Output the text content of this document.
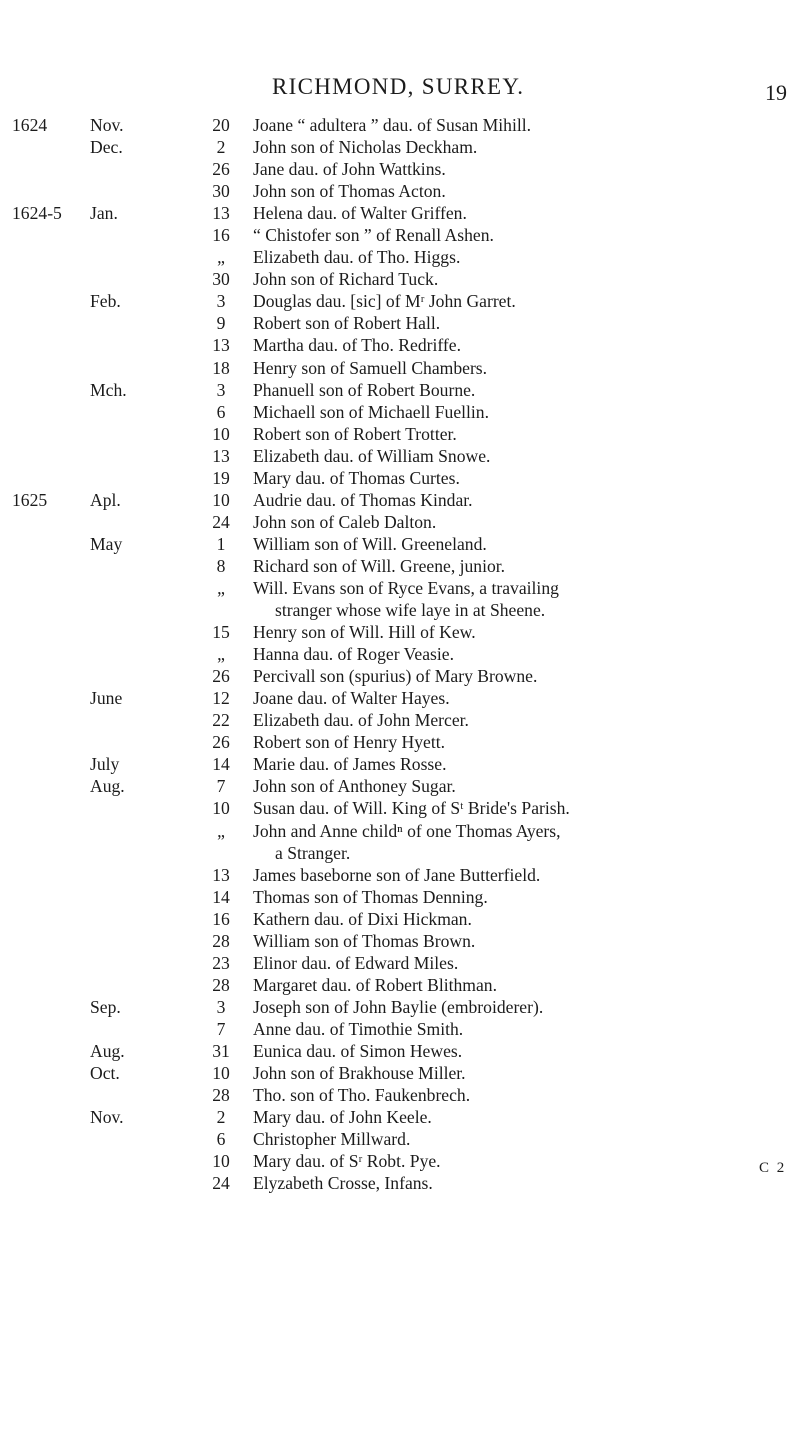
RICHMOND, SURREY.	19
1624	Nov.	20	Joane “ adultera ” dau. of Susan Mihill.
Dec.	2	John son of Nicholas Deckham.
26	Jane dau. of John Wattkins.
30	John son of Thomas Acton.
1624-5	Jan.	13	Helena dau. of Walter Griffen.
16	“ Chistofer son ” of Renall Ashen.
„	Elizabeth dau. of Tho. Higgs.
30	John son of Richard Tuck.
Feb.	3	Douglas dau. [sic] of Mʳ John Garret.
9	Robert son of Robert Hall.
13	Martha dau. of Tho. Redriffe.
18	Henry son of Samuell Chambers.
Mch.	3	Phanuell son of Robert Bourne.
6	Michaell son of Michaell Fuellin.
10	Robert son of Robert Trotter.
13	Elizabeth dau. of William Snowe.
19	Mary dau. of Thomas Curtes.
1625	Apl.	10	Audrie dau. of Thomas Kindar.
24	John son of Caleb Dalton.
May	1	William son of Will. Greeneland.
8	Richard son of Will. Greene, junior.
„	Will. Evans son of Ryce Evans, a travailing
stranger whose wife laye in at Sheene.
15	Henry son of Will. Hill of Kew.
„	Hanna dau. of Roger Veasie.
26	Percivall son (spurius) of Mary Browne.
June	12	Joane dau. of Walter Hayes.
22	Elizabeth dau. of John Mercer.
26	Robert son of Henry Hyett.
July	14	Marie dau. of James Rosse.
Aug.	7	John son of Anthoney Sugar.
10	Susan dau. of Will. King of Sᵗ Bride's Parish.
„	John and Anne childⁿ of one Thomas Ayers,
a Stranger.
13	James baseborne son of Jane Butterfield.
14	Thomas son of Thomas Denning.
16	Kathern dau. of Dixi Hickman.
28	William son of Thomas Brown.
23	Elinor dau. of Edward Miles.
28	Margaret dau. of Robert Blithman.
Sep.	3	Joseph son of John Baylie (embroiderer).
7	Anne dau. of Timothie Smith.
Aug.	31	Eunica dau. of Simon Hewes.
Oct.	10	John son of Brakhouse Miller.
28	Tho. son of Tho. Faukenbrech.
Nov.	2	Mary dau. of John Keele.
6	Christopher Millward.
10	Mary dau. of Sʳ Robt. Pye.
24	Elyzabeth Crosse, Infans.
C 2
